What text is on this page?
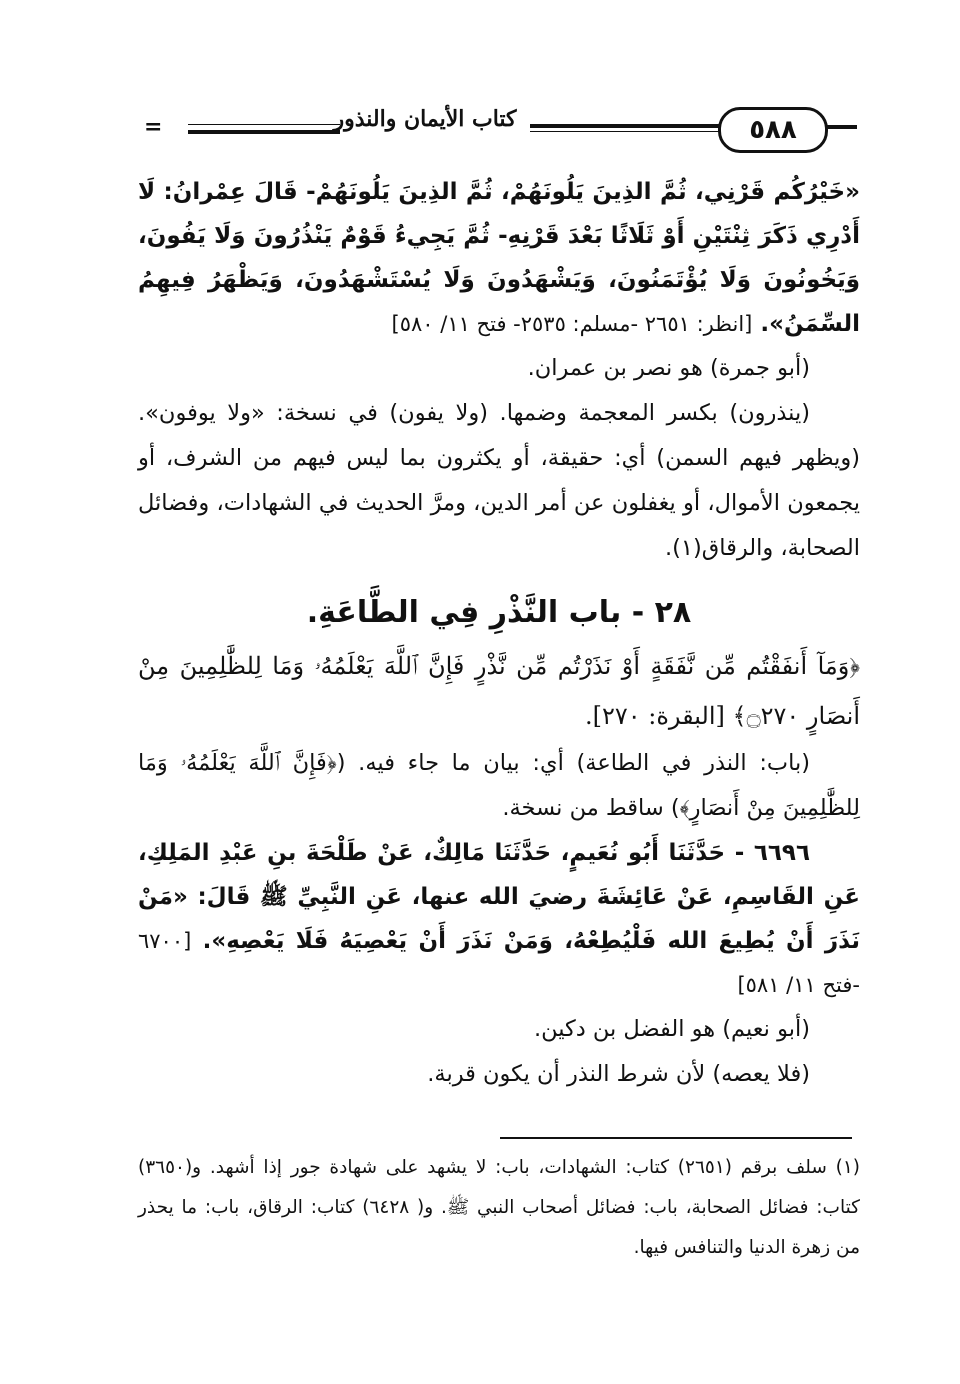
=	كتاب الأيمان والنذور	٥٨٨

«خَيْرُكُم قَرْنِي، ثُمَّ الذِينَ يَلُونَهُمْ، ثُمَّ الذِينَ يَلُونَهُمْ- قَالَ عِمْرانُ: لَا أَدْرِي ذَكَرَ ثِنْتَيْنِ أَوْ ثَلَاثًا بَعْدَ قَرْنِهِ- ثُمَّ يَجِيءُ قَوْمٌ يَنْذُرُونَ وَلَا يَفُونَ، وَيَخُونُونَ وَلَا يُؤْتَمَنُونَ، وَيَشْهَدُونَ وَلَا يُسْتَشْهَدُونَ، وَيَظْهَرُ فِيهِمُ السِّمَنُ». [انظر: ٢٦٥١ -مسلم: ٢٥٣٥- فتح ١١/ ٥٨٠]

(أبو جمرة) هو نصر بن عمران.

(ينذرون) بكسر المعجمة وضمها. (ولا يفون) في نسخة: «ولا يوفون». (ويظهر فيهم السمن) أي: حقيقة، أو يكثرون بما ليس فيهم من الشرف، أو يجمعون الأموال، أو يغفلون عن أمر الدين، ومرَّ الحديث في الشهادات، وفضائل الصحابة، والرقاق(١).

٢٨ - باب النَّذْرِ فِي الطَّاعَةِ.

﴿وَمَآ أَنفَقْتُم مِّن نَّفَقَةٍ أَوْ نَذَرْتُم مِّن نَّذْرٍ فَإِنَّ ٱللَّهَ يَعْلَمُهُۥ وَمَا لِلظَّٰلِمِينَ مِنْ أَنصَارٍ ۝٢٧٠﴾ [البقرة: ٢٧٠].

(باب: النذر في الطاعة) أي: بيان ما جاء فيه. (﴿فَإِنَّ ٱللَّهَ يَعْلَمُهُۥ وَمَا لِلظَّٰلِمِينَ مِنْ أَنصَارٍ﴾) ساقط من نسخة.

٦٦٩٦ - حَدَّثَنَا أَبُو نُعَيمٍ، حَدَّثَنَا مَالِكٌ، عَنْ طَلْحَةَ بنِ عَبْدِ المَلِكِ، عَنِ القَاسِمِ، عَنْ عَائِشَةَ رضيَ الله عنها، عَنِ النَّبِيِّ ﷺ قَالَ: «مَنْ نَذَرَ أَنْ يُطِيعَ الله فَلْيُطِعْهُ، وَمَنْ نَذَرَ أَنْ يَعْصِيَهُ فَلَا يَعْصِهِ». [٦٧٠٠ -فتح ١١/ ٥٨١]

(أبو نعيم) هو الفضل بن دكين.

(فلا يعصه) لأن شرط النذر أن يكون قربة.

(١) سلف برقم (٢٦٥١) كتاب: الشهادات، باب: لا يشهد على شهادة جور إذا أشهد. و(٣٦٥٠) كتاب: فضائل الصحابة، باب: فضائل أصحاب النبي ﷺ. و( ٦٤٢٨) كتاب: الرقاق، باب: ما يحذر من زهرة الدنيا والتنافس فيها.
